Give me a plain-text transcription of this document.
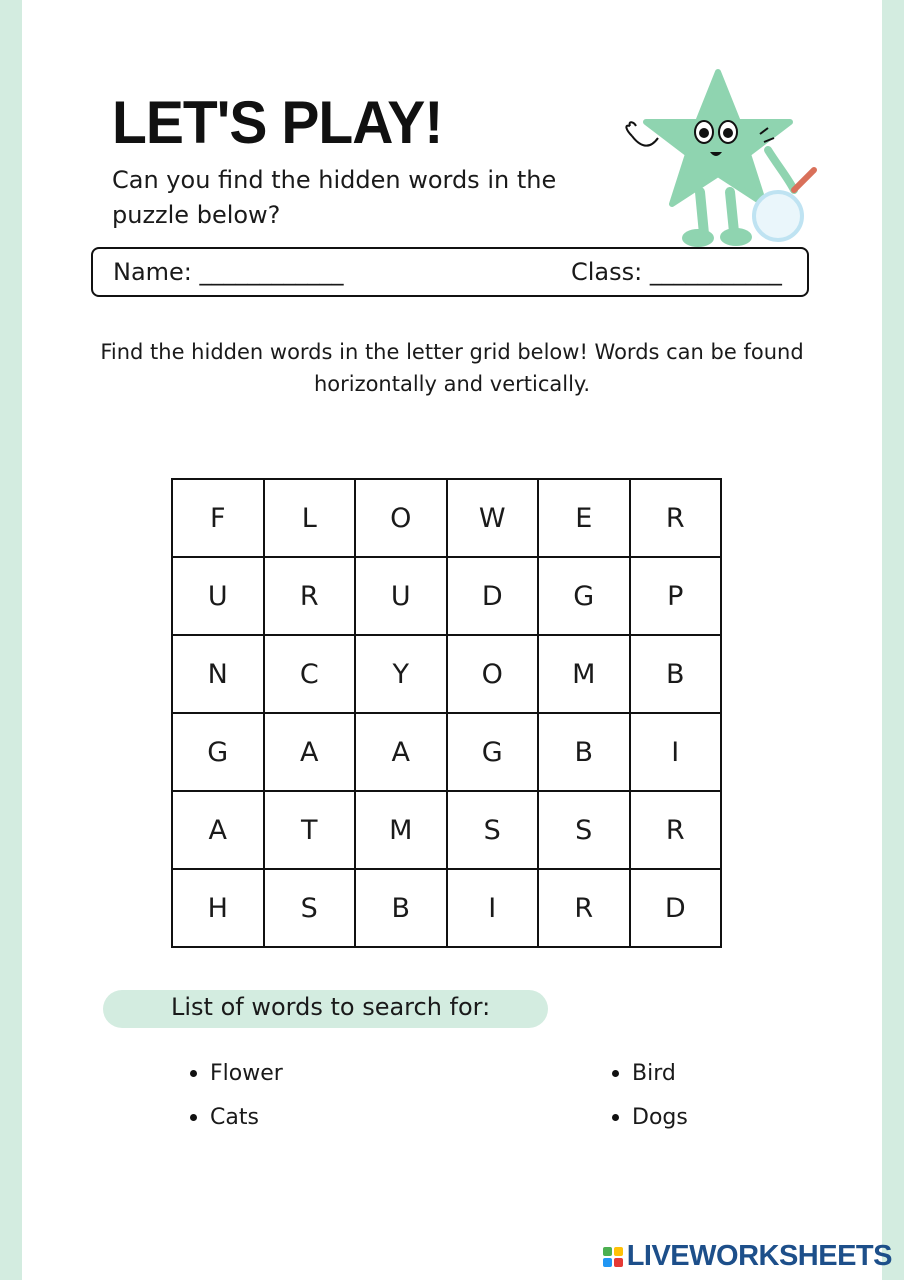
LET'S PLAY!
Can you find the hidden words in the puzzle below?
Name: ____________	Class: ___________
Find the hidden words in the letter grid below! Words can be found horizontally and vertically.
F	L	O	W	E	R
U	R	U	D	G	P
N	C	Y	O	M	B
G	A	A	G	B	I
A	T	M	S	S	R
H	S	B	I	R	D
List of words to search for:
Flower
Cats
Bird
Dogs
LIVEWORKSHEETS
